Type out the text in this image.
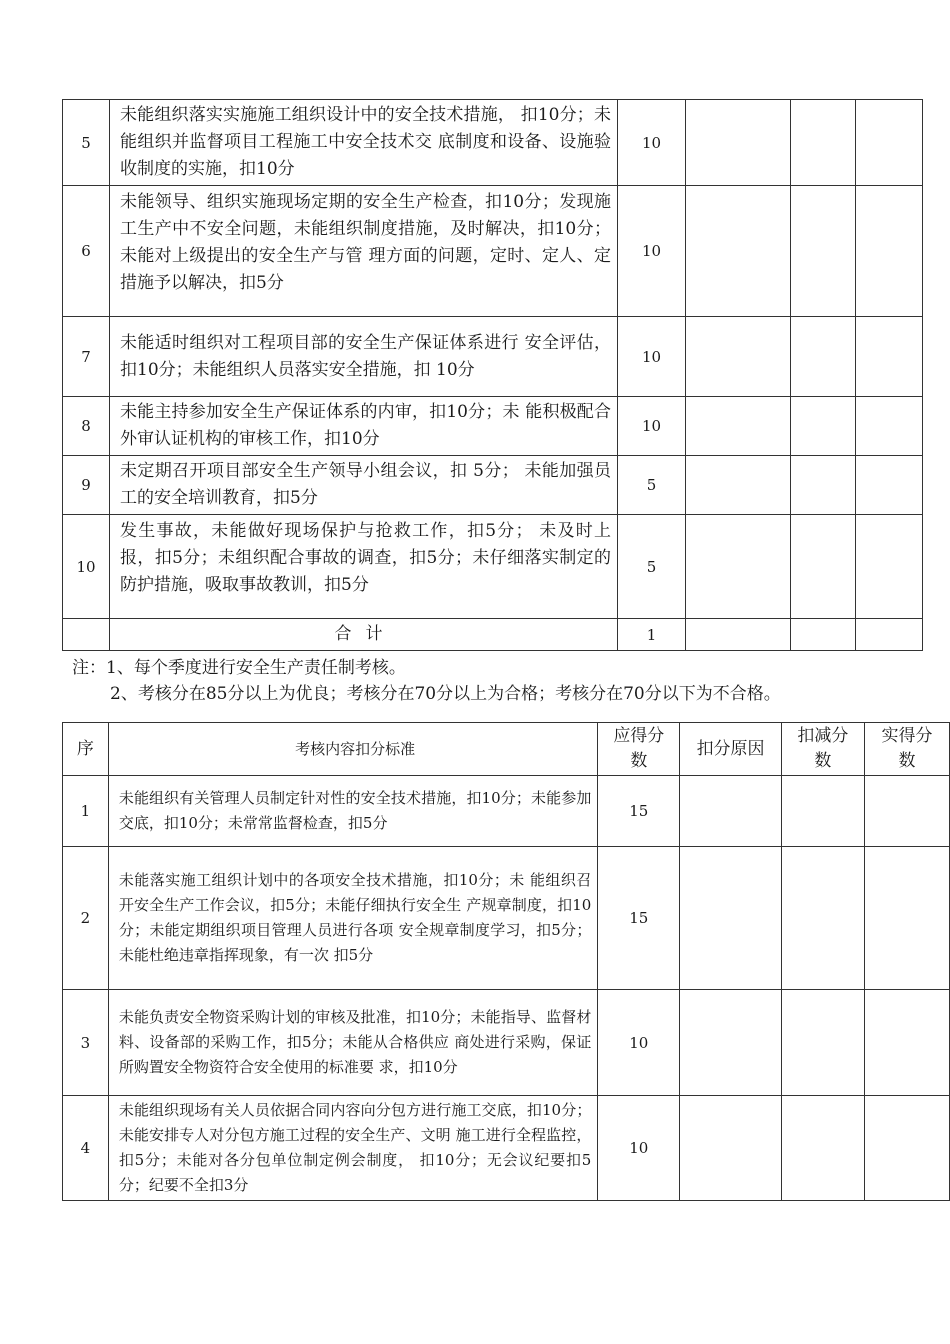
5	未能组织落实实施施工组织设计中的安全技术措施， 扣10分；未能组织并监督项目工程施工中安全技术交 底制度和设备、设施验收制度的实施，扣10分	10			
6	未能领导、组织实施现场定期的安全生产检查，扣10分；发现施工生产中不安全问题，未能组织制度措施，及时解决，扣10分；未能对上级提出的安全生产与管 理方面的问题，定时、定人、定措施予以解决，扣5分	10			
7	未能适时组织对工程项目部的安全生产保证体系进行 安全评估，扣10分；未能组织人员落实安全措施，扣 10分	10			
8	未能主持参加安全生产保证体系的内审，扣10分；未 能积极配合外审认证机构的审核工作，扣10分	10			
9	未定期召开项目部安全生产领导小组会议，扣 5分； 未能加强员工的安全培训教育，扣5分	5			
10	发生事故，未能做好现场保护与抢救工作，扣5分； 未及时上报，扣5分；未组织配合事故的调查，扣5分；未仔细落实制定的防护措施，吸取事故教训，扣5分	5			
	合计	1			
注：1、每个季度进行安全生产责任制考核。
2、考核分在85分以上为优良；考核分在70分以上为合格；考核分在70分以下为不合格。
序	考核内容扣分标准	应得分数	扣分原因	扣减分数	实得分数
1	未能组织有关管理人员制定针对性的安全技术措施，扣10分；未能参加交底，扣10分；未常常监督检查，扣5分	15			
2	未能落实施工组织计划中的各项安全技术措施，扣10分；未 能组织召开安全生产工作会议，扣5分；未能仔细执行安全生 产规章制度，扣10分；未能定期组织项目管理人员进行各项 安全规章制度学习，扣5分；未能杜绝违章指挥现象，有一次 扣5分	15			
3	未能负责安全物资采购计划的审核及批准，扣10分；未能指导、监督材料、设备部的采购工作，扣5分；未能从合格供应 商处进行采购，保证所购置安全物资符合安全使用的标准要 求，扣10分	10			
4	未能组织现场有关人员依据合同内容向分包方进行施工交底，扣10分；未能安排专人对分包方施工过程的安全生产、文明 施工进行全程监控，扣5分；未能对各分包单位制定例会制度， 扣10分；无会议纪要扣5分；纪要不全扣3分	10			
